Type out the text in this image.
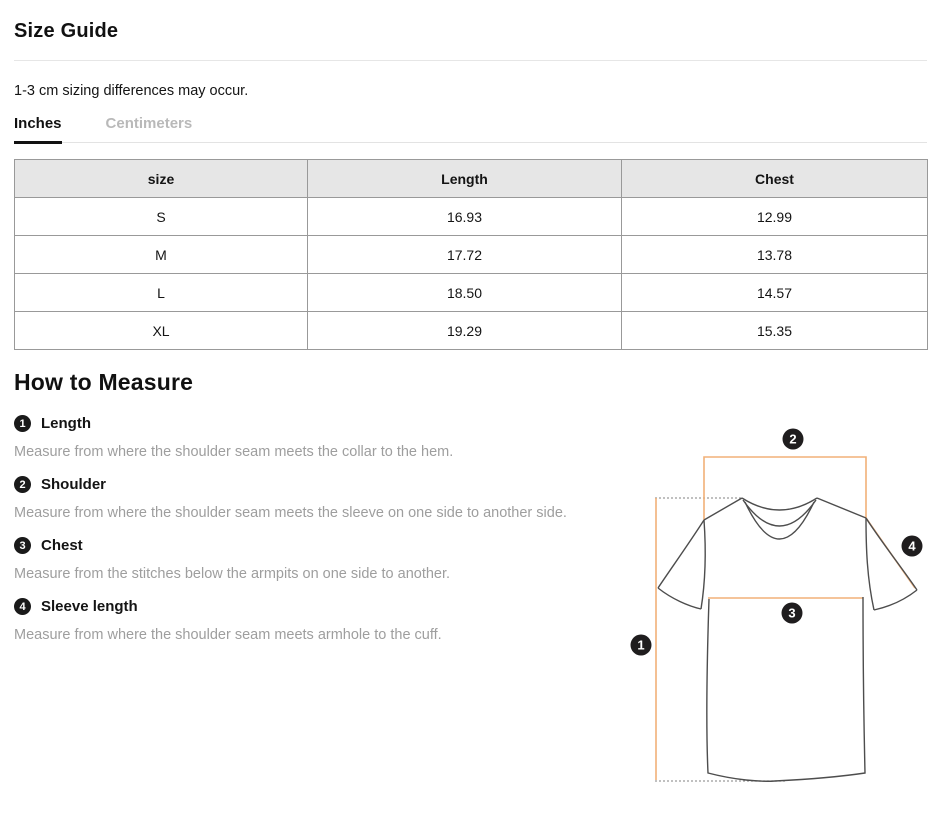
Size Guide
1-3 cm sizing differences may occur.
Inches	Centimeters
size	Length	Chest
S	16.93	12.99
M	17.72	13.78
L	18.50	14.57
XL	19.29	15.35
How to Measure
1	Length
Measure from where the shoulder seam meets the collar to the hem.
2	Shoulder
Measure from where the shoulder seam meets the sleeve on one side to another side.
3	Chest
Measure from the stitches below the armpits on one side to another.
4	Sleeve length
Measure from where the shoulder seam meets armhole to the cuff.
1
2
3
4
